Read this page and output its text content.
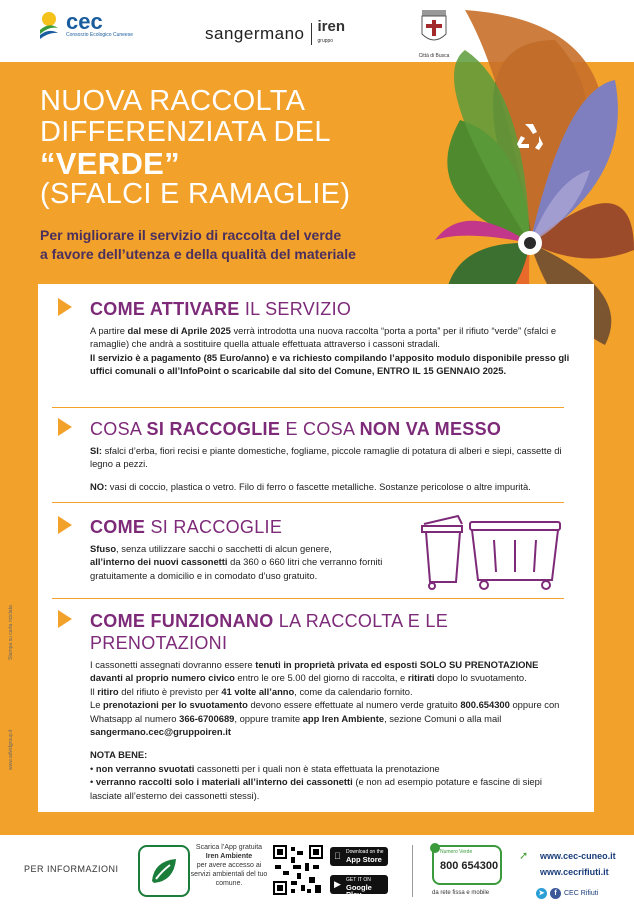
cec
Consorzio Ecologico Cuneese	sangermano iren
gruppo
Città di Busca
NUOVA RACCOLTA
DIFFERENZIATA DEL
“VERDE”
(SFALCI E RAMAGLIE)
Per migliorare il servizio di raccolta del verde
a favore dell’utenza e della qualità del materiale
COME ATTIVARE IL SERVIZIO

A partire dal mese di Aprile 2025 verrà introdotta una nuova raccolta “porta a porta” per il rifiuto “verde” (sfalci e ramaglie) che andrà a sostituire quella attuale effettuata attraverso i cassoni stradali.

Il servizio è a pagamento (85 Euro/anno) e va richiesto compilando l’apposito modulo disponibile presso gli uffici comunali o all’InfoPoint o scaricabile dal sito del Comune, ENTRO IL 15 GENNAIO 2025.

COSA SI RACCOGLIE E COSA NON VA MESSO

SI: sfalci d’erba, fiori recisi e piante domestiche, fogliame, piccole ramaglie di potatura di alberi e siepi, cassette di legno a pezzi.

NO: vasi di coccio, plastica o vetro. Filo di ferro o fascette metalliche. Sostanze pericolose o altre impurità.

COME SI RACCOGLIE

Sfuso, senza utilizzare sacchi o sacchetti di alcun genere,
all’interno dei nuovi cassonetti da 360 o 660 litri che verranno forniti gratuitamente a domicilio e in comodato d’uso gratuito.

COME FUNZIONANO LA RACCOLTA E LE PRENOTAZIONI

I cassonetti assegnati dovranno essere tenuti in proprietà privata ed esposti SOLO SU PRENOTAZIONE davanti al proprio numero civico entro le ore 5.00 del giorno di raccolta, e ritirati dopo lo svuotamento.

Il ritiro del rifiuto è previsto per 41 volte all’anno, come da calendario fornito.

Le prenotazioni per lo svuotamento devono essere effettuate al numero verde gratuito 800.654300 oppure con Whatsapp al numero 366-6700689, oppure tramite app Iren Ambiente, sezione Comuni o alla mail sangermano.cec@gruppoiren.it

NOTA BENE:

• non verranno svuotati cassonetti per i quali non è stata effettuata la prenotazione

• verranno raccolti solo i materiali all’interno dei cassonetti (e non ad esempio potature e fascine di siepi lasciate all’esterno dei cassonetti stessi).

Stampa su carta riciclata
www.advidgroup.it
PER INFORMAZIONI
Scarica l’App gratuita
Iren Ambiente
per avere accesso ai servizi ambientali del tuo comune.
Download on the
App Store
▶	GET IT ON
Google Play
Numero Verde
800 654300
da rete fissa e mobile
➚ www.cec-cuneo.it
www.cecrifiuti.it
➤	f	CEC Rifiuti
